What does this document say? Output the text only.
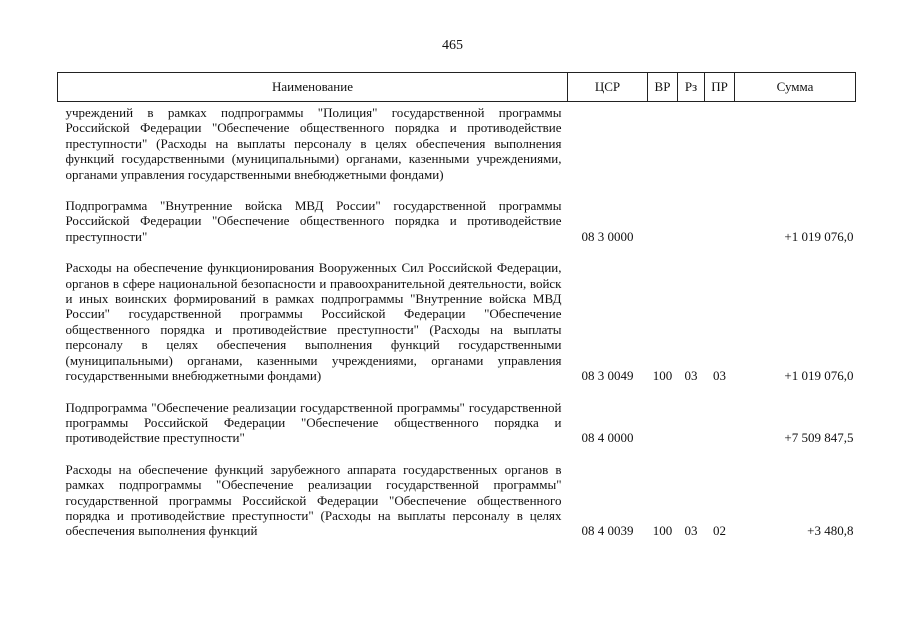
465
Наименование	ЦСР	ВР	Рз	ПР	Сумма
учреждений в рамках подпрограммы "Полиция" государственной программы Российской Федерации "Обеспечение общественного порядка и противодействие преступности" (Расходы на выплаты персоналу в целях обеспечения выполнения функций государственными (муниципальными) органами, казенными учреждениями, органами управления государственными внебюджетными фондами)					

Подпрограмма "Внутренние войска МВД России" государственной программы Российской Федерации "Обеспечение общественного порядка и противодействие преступности"	08 3 0000				+1 019 076,0

Расходы на обеспечение функционирования Вооруженных Сил Российской Федерации, органов в сфере национальной безопасности и правоохранительной деятельности, войск и иных воинских формирований в рамках подпрограммы "Внутренние войска МВД России" государственной программы Российской Федерации "Обеспечение общественного порядка и противодействие преступности" (Расходы на выплаты персоналу в целях обеспечения выполнения функций государственными (муниципальными) органами, казенными учреждениями, органами управления государственными внебюджетными фондами)	08 3 0049	100	03	03	+1 019 076,0

Подпрограмма "Обеспечение реализации государственной программы" государственной программы Российской Федерации "Обеспечение общественного порядка и противодействие преступности"	08 4 0000				+7 509 847,5

Расходы на обеспечение функций зарубежного аппарата государственных органов в рамках подпрограммы "Обеспечение реализации государственной программы" государственной программы Российской Федерации "Обеспечение общественного порядка и противодействие преступности" (Расходы на выплаты персоналу в целях обеспечения выполнения функций	08 4 0039	100	03	02	+3 480,8
